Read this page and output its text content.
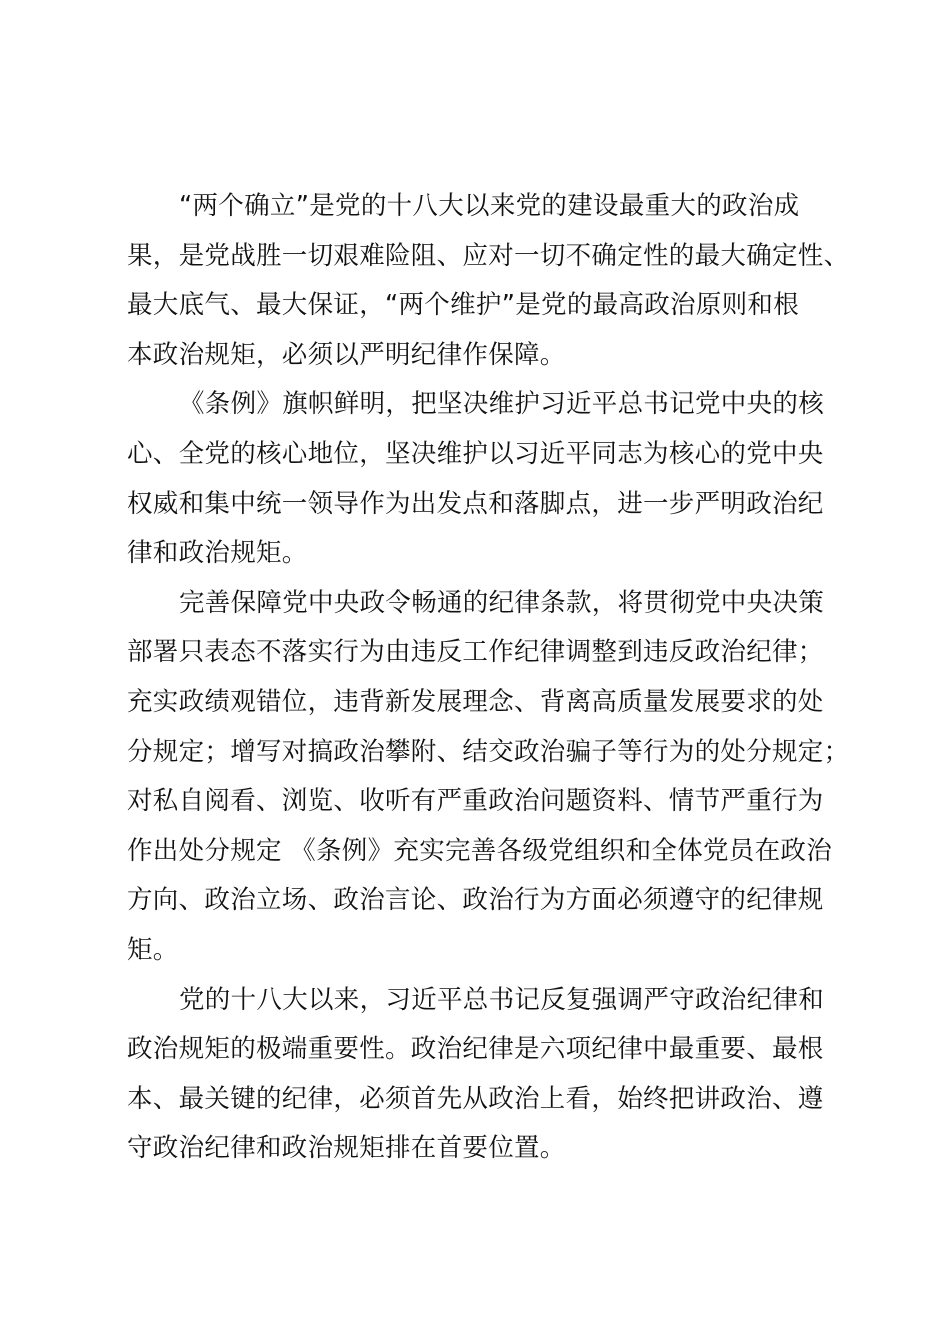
“两个确立”是党的十八大以来党的建设最重大的政治成
果，是党战胜一切艰难险阻、应对一切不确定性的最大确定性、
最大底气、最大保证，“两个维护”是党的最高政治原则和根
本政治规矩，必须以严明纪律作保障。

《条例》旗帜鲜明，把坚决维护习近平总书记党中央的核
心、全党的核心地位，坚决维护以习近平同志为核心的党中央
权威和集中统一领导作为出发点和落脚点，进一步严明政治纪
律和政治规矩。

完善保障党中央政令畅通的纪律条款，将贯彻党中央决策
部署只表态不落实行为由违反工作纪律调整到违反政治纪律；
充实政绩观错位，违背新发展理念、背离高质量发展要求的处
分规定；增写对搞政治攀附、结交政治骗子等行为的处分规定；
对私自阅看、浏览、收听有严重政治问题资料、情节严重行为
作出处分规定 《条例》充实完善各级党组织和全体党员在政治
方向、政治立场、政治言论、政治行为方面必须遵守的纪律规
矩。

党的十八大以来，习近平总书记反复强调严守政治纪律和
政治规矩的极端重要性。政治纪律是六项纪律中最重要、最根
本、最关键的纪律，必须首先从政治上看，始终把讲政治、遵
守政治纪律和政治规矩排在首要位置。
